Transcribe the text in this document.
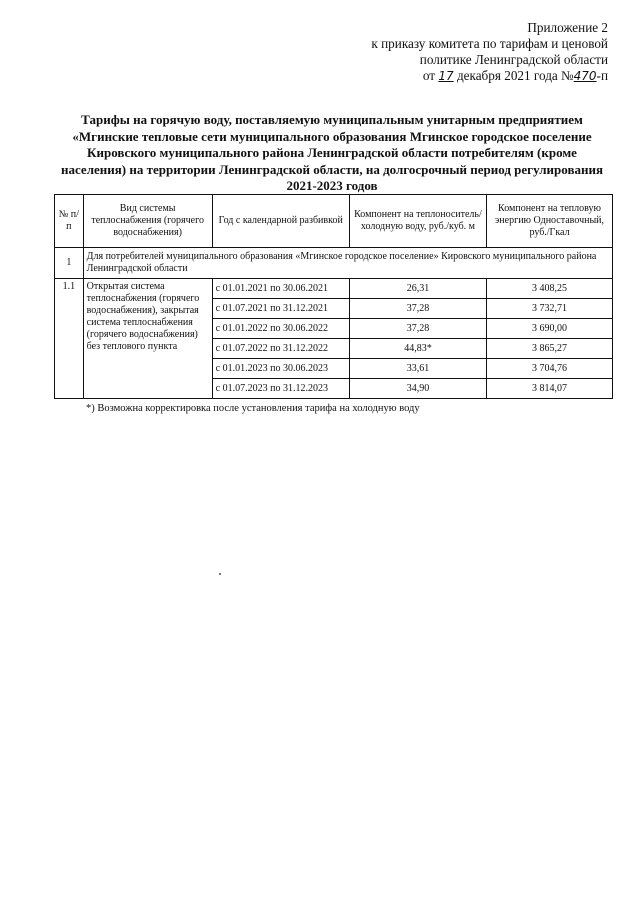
Приложение 2
к приказу комитета по тарифам и ценовой
политике Ленинградской области
от 17 декабря 2021 года №470-п
Тарифы на горячую воду, поставляемую муниципальным унитарным предприятием
«Мгинские тепловые сети муниципального образования Мгинское городское поселение
Кировского муниципального района Ленинградской области потребителям (кроме
населения) на территории Ленинградской области, на долгосрочный период регулирования
2021-2023 годов
№ п/п	Вид системы теплоснабжения (горячего водоснабжения)	Год с календарной разбивкой	Компонент на теплоноситель/холодную воду, руб./куб. м	Компонент на тепловую энергию Одноставочный, руб./Гкал
1	Для потребителей муниципального образования «Мгинское городское поселение» Кировского муниципального района Ленинградской области			
1.1	Открытая система теплоснабжения (горячего водоснабжения), закрытая система теплоснабжения (горячего водоснабжения) без теплового пункта	с 01.01.2021 по 30.06.2021	26,31	3 408,25
		с 01.07.2021 по 31.12.2021	37,28	3 732,71
		с 01.01.2022 по 30.06.2022	37,28	3 690,00
		с 01.07.2022 по 31.12.2022	44,83*	3 865,27
		с 01.01.2023 по 30.06.2023	33,61	3 704,76
		с 01.07.2023 по 31.12.2023	34,90	3 814,07
*) Возможна корректировка после установления тарифа на холодную воду
